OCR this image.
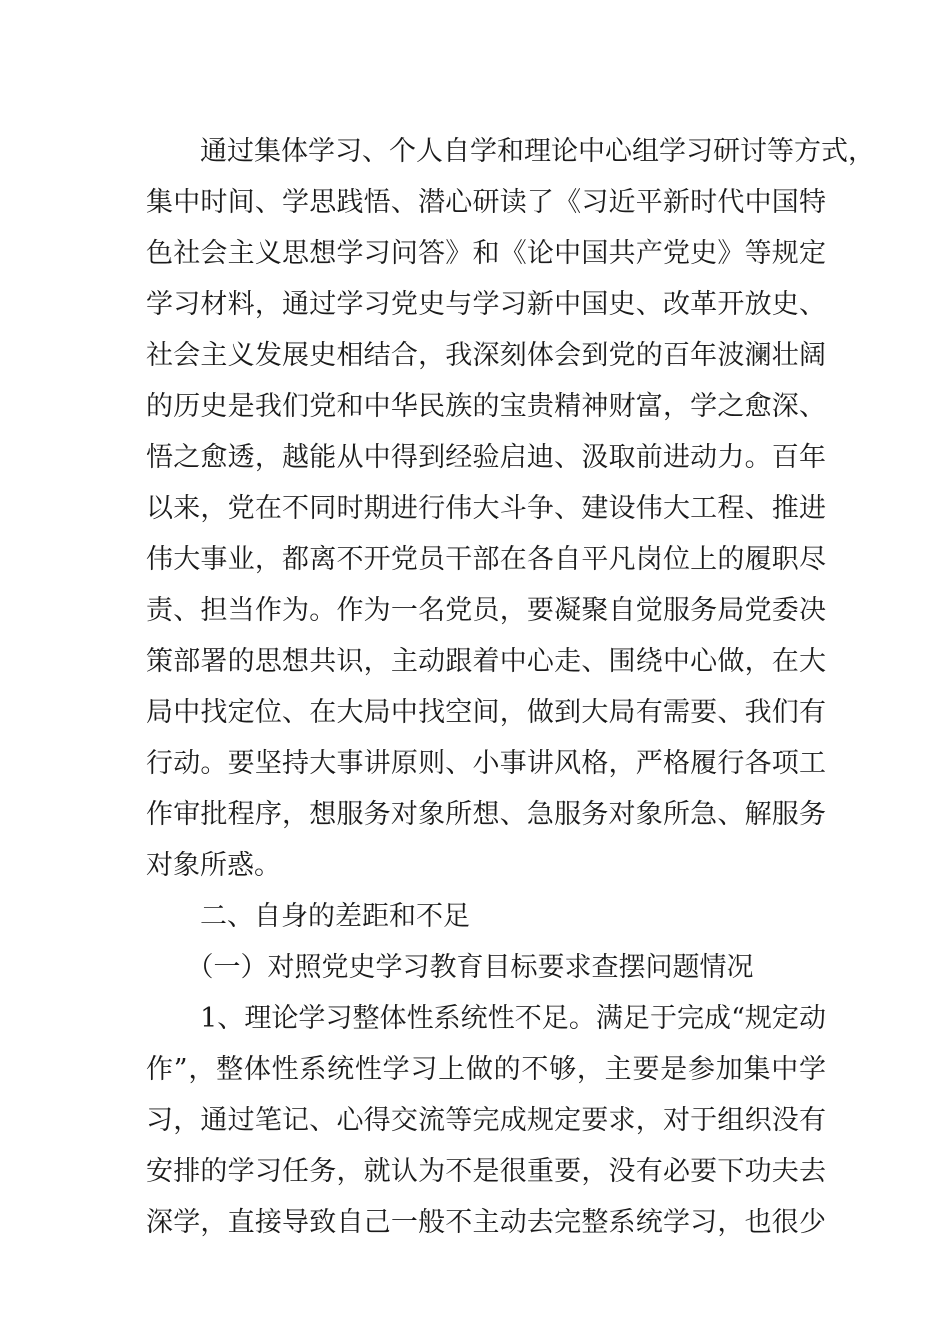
　　通过集体学习、个人自学和理论中心组学习研讨等方式，
集中时间、学思践悟、潜心研读了《习近平新时代中国特
色社会主义思想学习问答》和《论中国共产党史》等规定
学习材料，通过学习党史与学习新中国史、改革开放史、
社会主义发展史相结合，我深刻体会到党的百年波澜壮阔
的历史是我们党和中华民族的宝贵精神财富，学之愈深、
悟之愈透，越能从中得到经验启迪、汲取前进动力。百年
以来，党在不同时期进行伟大斗争、建设伟大工程、推进
伟大事业，都离不开党员干部在各自平凡岗位上的履职尽
责、担当作为。作为一名党员，要凝聚自觉服务局党委决
策部署的思想共识，主动跟着中心走、围绕中心做，在大
局中找定位、在大局中找空间，做到大局有需要、我们有
行动。要坚持大事讲原则、小事讲风格，严格履行各项工
作审批程序，想服务对象所想、急服务对象所急、解服务
对象所惑。
　　二、自身的差距和不足
　　（一）对照党史学习教育目标要求查摆问题情况
　　1、理论学习整体性系统性不足。满足于完成“规定动
作”，整体性系统性学习上做的不够，主要是参加集中学
习，通过笔记、心得交流等完成规定要求，对于组织没有
安排的学习任务，就认为不是很重要，没有必要下功夫去
深学，直接导致自己一般不主动去完整系统学习，也很少
